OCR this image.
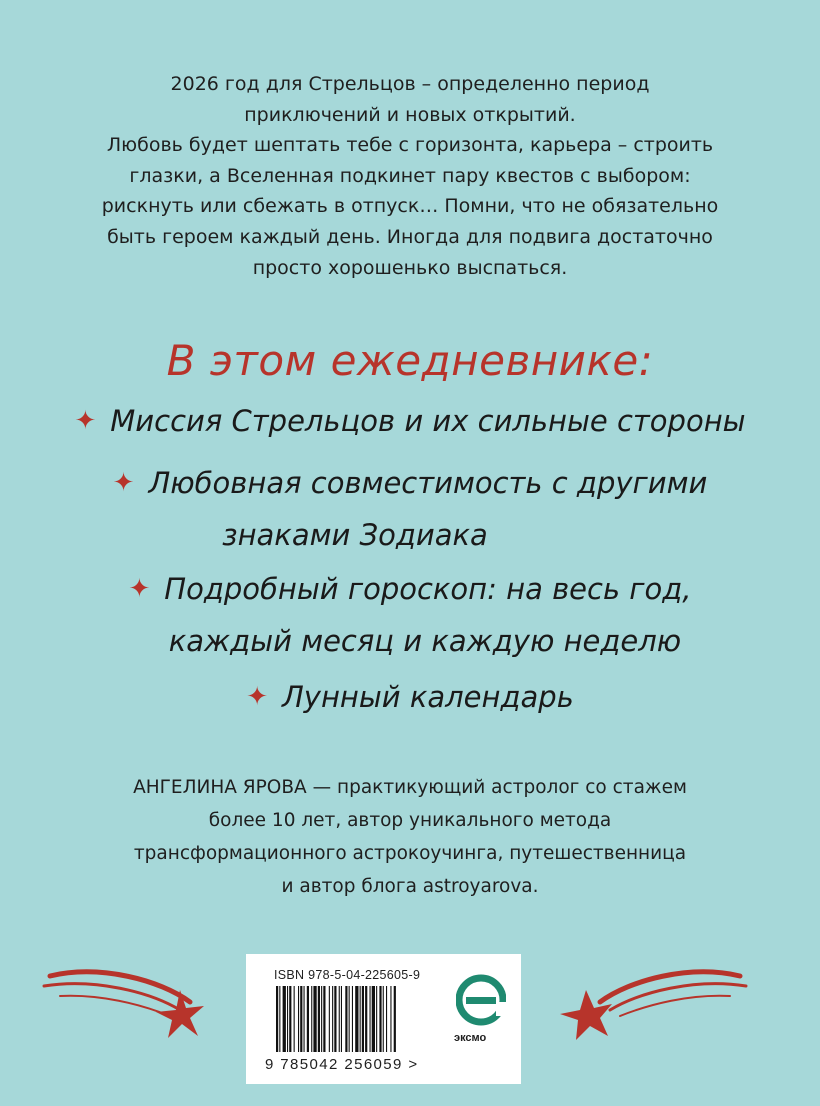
2026 год для Стрельцов – определенно период
приключений и новых открытий.
Любовь будет шептать тебе с горизонта, карьера – строить
глазки, а Вселенная подкинет пару квестов с выбором:
рискнуть или сбежать в отпуск… Помни, что не обязательно
быть героем каждый день. Иногда для подвига достаточно
просто хорошенько выспаться.
В этом ежедневнике:
✦ Миссия Стрельцов и их сильные стороны
✦ Любовная совместимость с другими
знаками Зодиака
✦ Подробный гороскоп: на весь год,
каждый месяц и каждую неделю
✦ Лунный календарь
АНГЕЛИНА ЯРОВА — практикующий астролог со стажем
более 10 лет, автор уникального метода
трансформационного астрокоучинга, путешественница
и автор блога astroyarova.
ISBN 978-5-04-225605-9
9 785042 256059 >
эксмо
